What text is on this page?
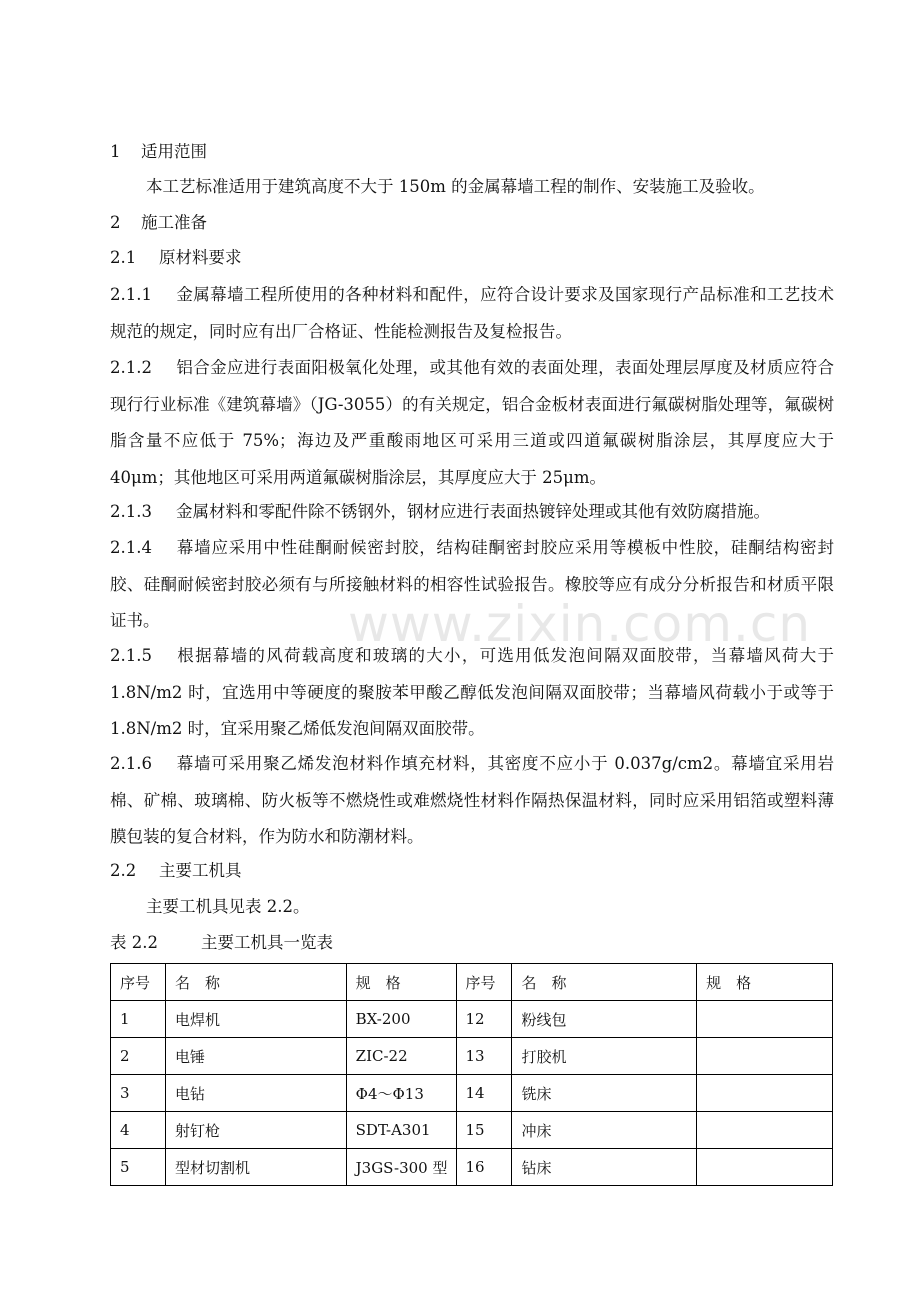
1 适用范围
本工艺标准适用于建筑高度不大于 150m 的金属幕墙工程的制作、安装施工及验收。
2 施工准备
2.1 原材料要求
2.1.1 金属幕墙工程所使用的各种材料和配件，应符合设计要求及国家现行产品标准和工艺技术规范的规定，同时应有出厂合格证、性能检测报告及复检报告。
2.1.2 铝合金应进行表面阳极氧化处理，或其他有效的表面处理，表面处理层厚度及材质应符合现行行业标准《建筑幕墙》（JG-3055）的有关规定，铝合金板材表面进行氟碳树脂处理等，氟碳树脂含量不应低于 75%；海边及严重酸雨地区可采用三道或四道氟碳树脂涂层，其厚度应大于 40μm；其他地区可采用两道氟碳树脂涂层，其厚度应大于 25μm。
2.1.3 金属材料和零配件除不锈钢外，钢材应进行表面热镀锌处理或其他有效防腐措施。
2.1.4 幕墙应采用中性硅酮耐候密封胶，结构硅酮密封胶应采用等模板中性胶，硅酮结构密封胶、硅酮耐候密封胶必须有与所接触材料的相容性试验报告。橡胶等应有成分分析报告和材质平限证书。
2.1.5 根据幕墙的风荷载高度和玻璃的大小，可选用低发泡间隔双面胶带，当幕墙风荷大于 1.8N/m2 时，宜选用中等硬度的聚胺苯甲酸乙醇低发泡间隔双面胶带；当幕墙风荷载小于或等于 1.8N/m2 时，宜采用聚乙烯低发泡间隔双面胶带。
2.1.6 幕墙可采用聚乙烯发泡材料作填充材料，其密度不应小于 0.037g/cm2。幕墙宜采用岩棉、矿棉、玻璃棉、防火板等不燃烧性或难燃烧性材料作隔热保温材料，同时应采用铝箔或塑料薄膜包装的复合材料，作为防水和防潮材料。
2.2 主要工机具
主要工机具见表 2.2。
表 2.2	主要工机具一览表
序号	名　称	规　格	序号	名　称	规　格
1	电焊机	BX-200	12	粉线包	
2	电锤	ZIC-22	13	打胶机	
3	电钻	Φ4～Φ13	14	铣床	
4	射钉枪	SDT-A301	15	冲床	
5	型材切割机	J3GS-300 型	16	钻床	
www.zixin.com.cn
